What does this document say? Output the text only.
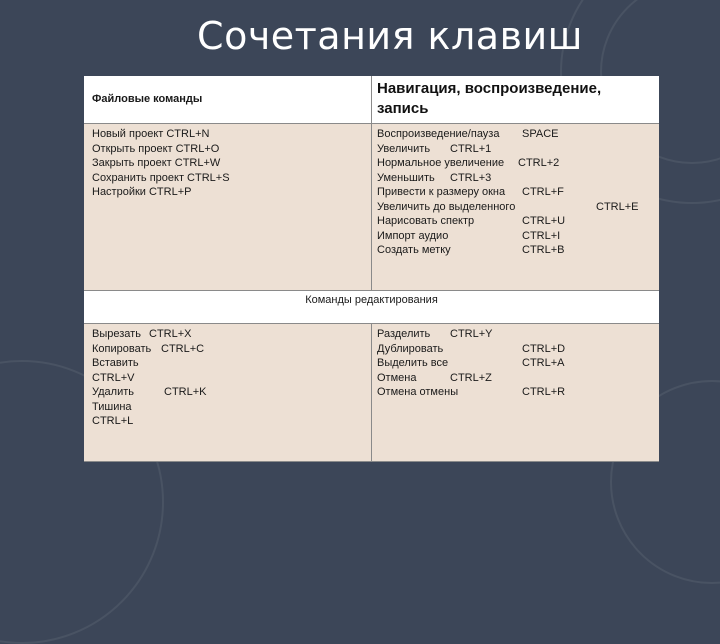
Сочетания клавиш
Файловые команды
Навигация, воспроизведение, запись
Новый проект CTRL+N
Открыть проект CTRL+O
Закрыть проект CTRL+W
Сохранить проект CTRL+S
Настройки CTRL+P
Воспроизведение/пауза SPACE
Увеличить CTRL+1
Нормальное увеличение CTRL+2
Уменьшить CTRL+3
Привести к размеру окна CTRL+F
Увеличить до выделенного	CTRL+E
Нарисовать спектр	CTRL+U
Импорт аудио	CTRL+I
Создать метку	CTRL+B
Команды редактирования
Вырезать CTRL+X
Копировать CTRL+C
Вставить
CTRL+V
Удалить	CTRL+K
Тишина
CTRL+L
Разделить CTRL+Y
Дублировать	CTRL+D
Выделить все	CTRL+A
Отмена	CTRL+Z
Отмена отмены	CTRL+R
